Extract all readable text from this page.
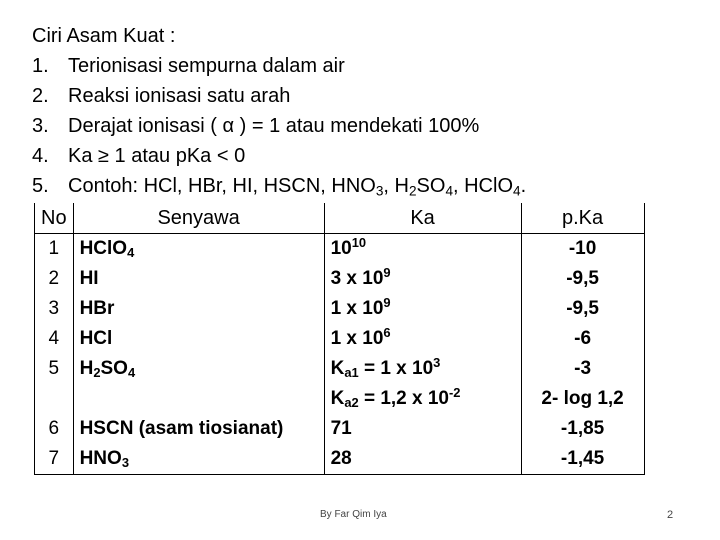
Ciri Asam Kuat :
1. Terionisasi sempurna dalam air
2. Reaksi ionisasi satu arah
3. Derajat ionisasi ( α ) = 1 atau mendekati 100%
4. Ka ≥ 1 atau pKa < 0
5. Contoh: HCl, HBr, HI, HSCN, $HNO_3$, $H_2SO_4$, HClO$_4$.
No	Senyawa	Ka	p.Ka
1	HClO$_4$	$10^{10}$	-10
2	HI	3 x $10^9$	-9,5
3	HBr	1 x $10^9$	-9,5
4	HCl	1 x $10^6$	-6
5	$H_2SO_4$	$K_{a1} = 1$ x $10^3$	-3
		$K_{a2} = 1,2$ x $10^{-2}$	2- log 1,2
6	HSCN (asam tiosianat)	71	-1,85
7	$HNO_3$	28	-1,45
By Far Qim Iya	2
